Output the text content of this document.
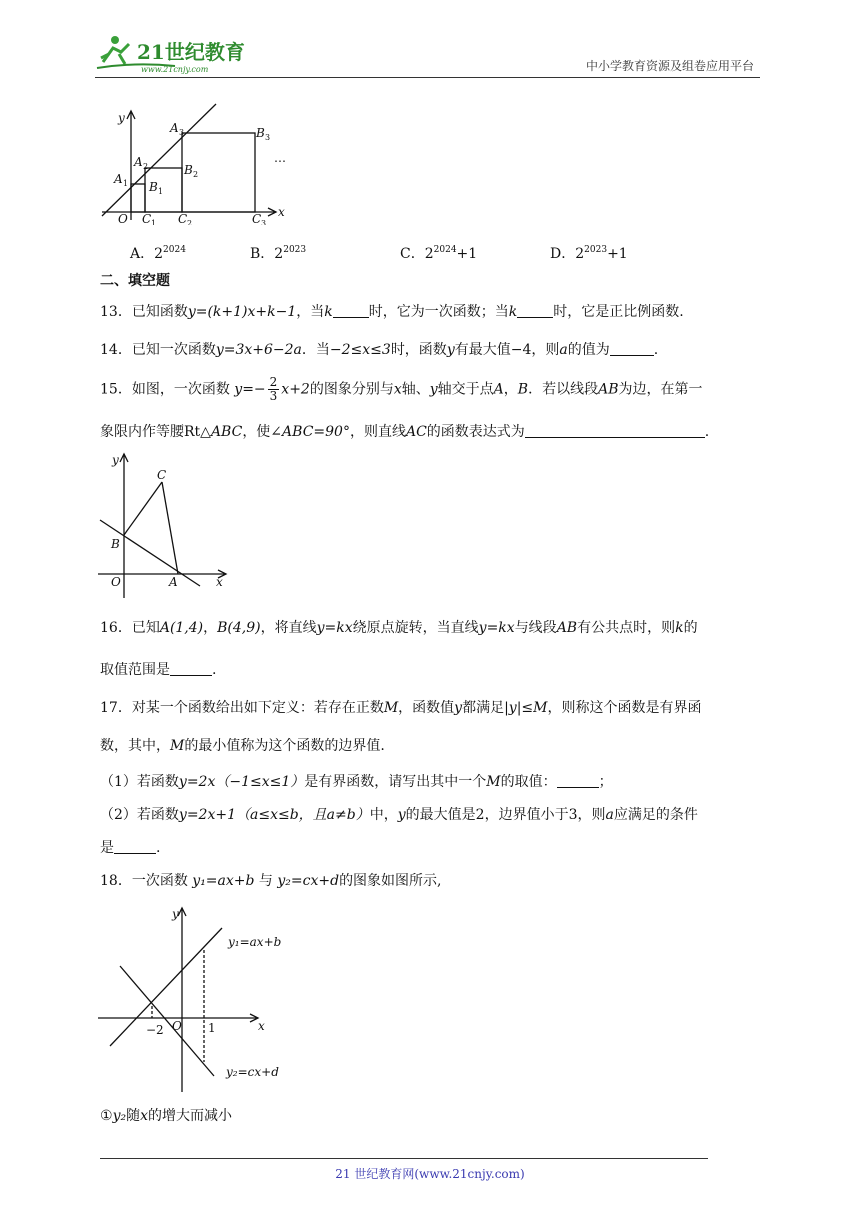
21世纪教育
www.21cnjy.com	中小学教育资源及组卷应用平台
y
A 3	B 3
A 2	B 2
A 1 B 1
O C 1 C 2	C 3
x
…
A．$2^{2024}$	B．$2^{2023}$	C．$2^{2024}+1$	D．$2^{2023}+1$
二、填空题
13．已知函数y=(k+1)x+k−1，当k	时，它为一次函数；当k	时，它是正比例函数.
14．已知一次函数y=3x+6−2a．当−2≤x≤3时，函数y有最大值−4，则a的值为	.
15．如图，一次函数 $y=- \frac{2}{3} x+2$的图象分别与x轴、y轴交于点A，B．若以线段AB为边，在第一
象限内作等腰Rt△ABC，使∠ABC=90°，则直线AC的函数表达式为	.
y
C
B
O	A	x
16．已知A(1,4)，B(4,9)，将直线y=kx绕原点旋转，当直线y=kx与线段AB有公共点时，则k的
取值范围是	.
17．对某一个函数给出如下定义：若存在正数M，函数值y都满足|y|≤M，则称这个函数是有界函
数，其中，M的最小值称为这个函数的边界值.
（1）若函数y=2x（−1≤x≤1）是有界函数，请写出其中一个M的取值：	；
（2）若函数y=2x+1（a≤x≤b，且a≠b）中，y的最大值是2，边界值小于3，则a应满足的条件
是	.
18．一次函数 y₁=ax+b 与 y₂=cx+d的图象如图所示,
y
y₁=ax+b
−2 O 1	x
y₂=cx+d
①y₂随x的增大而减小
21 世纪教育网(www.21cnjy.com)
